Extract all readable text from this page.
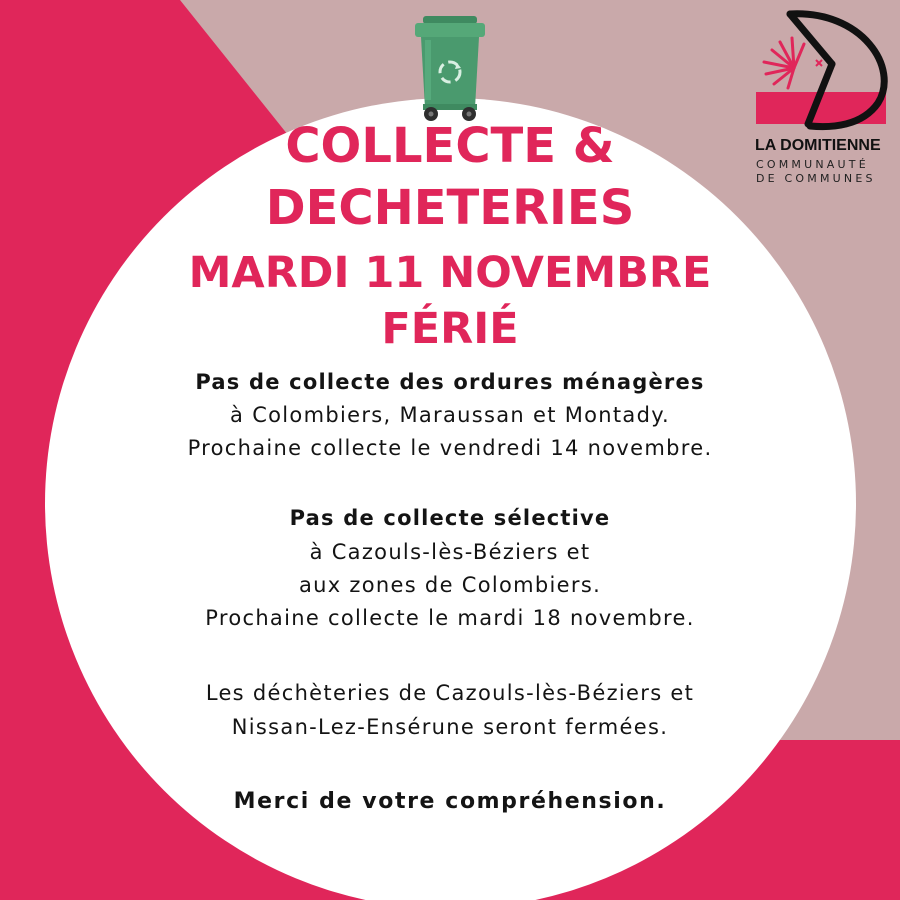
LA DOMITIENNE
COMMUNAUTÉ
DE COMMUNES
COLLECTE &
DECHETERIES
MARDI 11 NOVEMBRE
FÉRIÉ
Pas de collecte des ordures ménagères
à Colombiers, Maraussan et Montady.
Prochaine collecte le vendredi 14 novembre.
Pas de collecte sélective
à Cazouls-lès-Béziers et
aux zones de Colombiers.
Prochaine collecte le mardi 18 novembre.
Les déchèteries de Cazouls-lès-Béziers et
Nissan-Lez-Ensérune seront fermées.
Merci de votre compréhension.
